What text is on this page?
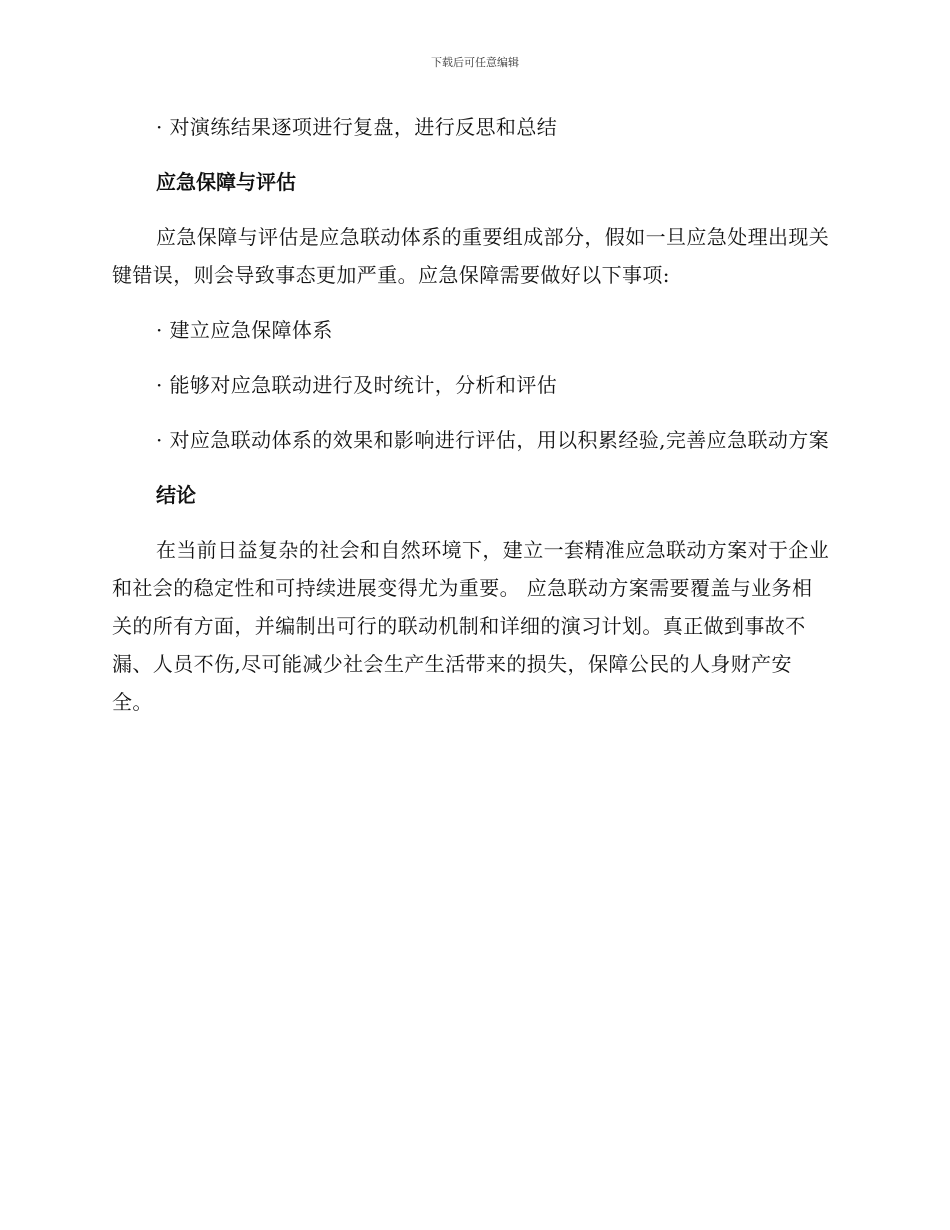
下载后可任意编辑

· 对演练结果逐项进行复盘，进行反思和总结

应急保障与评估

应急保障与评估是应急联动体系的重要组成部分，假如一旦应急处理出现关键错误，则会导致事态更加严重。应急保障需要做好以下事项:

· 建立应急保障体系

· 能够对应急联动进行及时统计，分析和评估

· 对应急联动体系的效果和影响进行评估，用以积累经验,完善应急联动方案

结论

在当前日益复杂的社会和自然环境下，建立一套精准应急联动方案对于企业和社会的稳定性和可持续进展变得尤为重要。 应急联动方案需要覆盖与业务相关的所有方面，并编制出可行的联动机制和详细的演习计划。真正做到事故不漏、人员不伤,尽可能减少社会生产生活带来的损失，保障公民的人身财产安全。
